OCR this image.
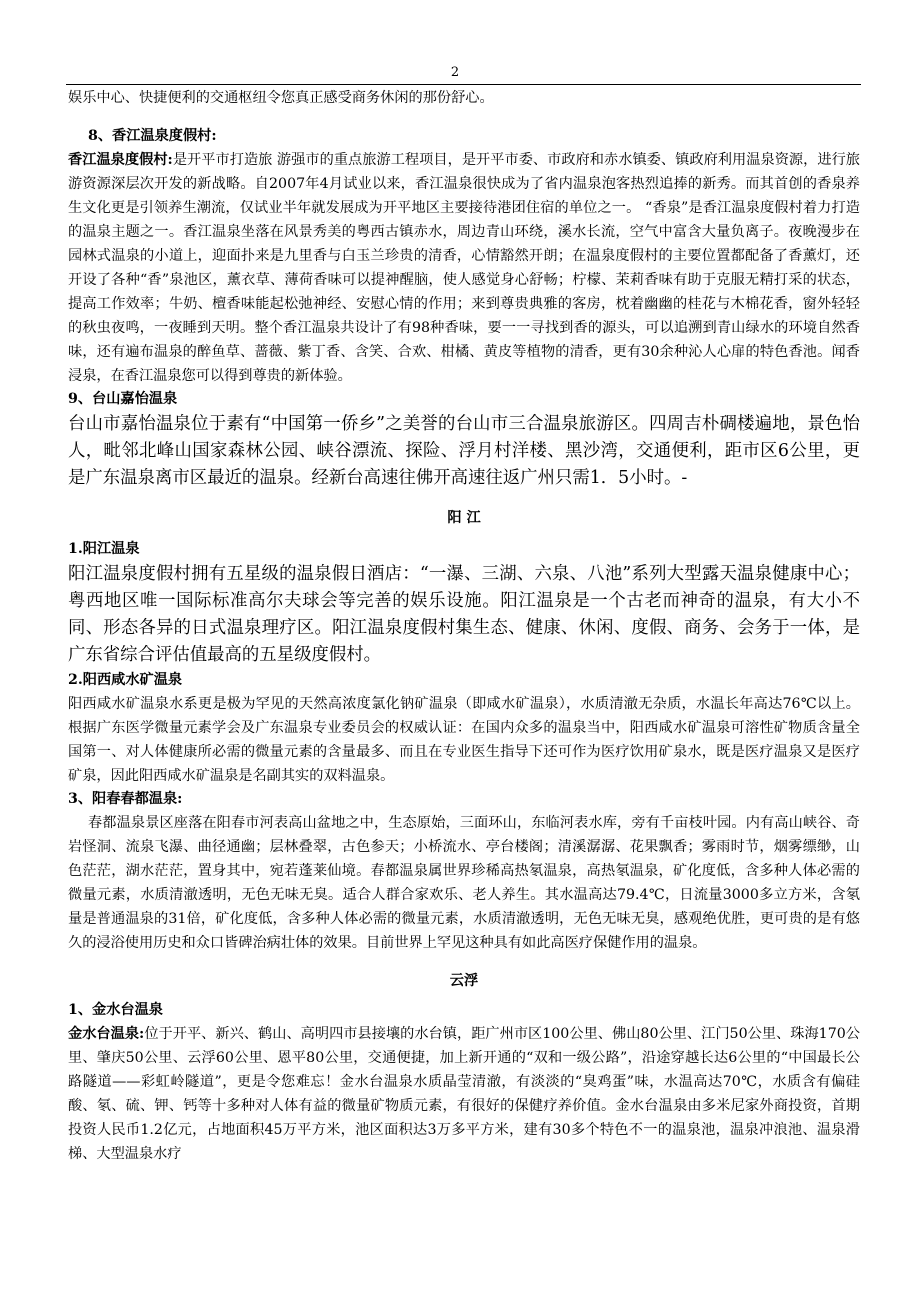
2

娱乐中心、快捷便利的交通枢纽令您真正感受商务休闲的那份舒心。

8、香江温泉度假村:

香江温泉度假村:是开平市打造旅 游强市的重点旅游工程项目，是开平市委、市政府和赤水镇委、镇政府利用温泉资源，进行旅游资源深层次开发的新战略。自2007年4月试业以来，香江温泉很快成为了省内温泉泡客热烈追捧的新秀。而其首创的香泉养生文化更是引领养生潮流，仅试业半年就发展成为开平地区主要接待港团住宿的单位之一。 “香泉”是香江温泉度假村着力打造的温泉主题之一。香江温泉坐落在风景秀美的粤西古镇赤水，周边青山环绕，溪水长流，空气中富含大量负离子。夜晚漫步在园林式温泉的小道上，迎面扑来是九里香与白玉兰珍贵的清香，心情豁然开朗；在温泉度假村的主要位置都配备了香薰灯，还开设了各种“香”泉池区，薰衣草、薄荷香味可以提神醒脑，使人感觉身心舒畅；柠檬、茉莉香味有助于克服无精打采的状态，提高工作效率；牛奶、檀香味能起松弛神经、安慰心情的作用；来到尊贵典雅的客房，枕着幽幽的桂花与木棉花香，窗外轻轻的秋虫夜鸣，一夜睡到天明。整个香江温泉共设计了有98种香味，要一一寻找到香的源头，可以追溯到青山绿水的环境自然香味，还有遍布温泉的醉鱼草、蔷薇、紫丁香、含笑、合欢、柑橘、黄皮等植物的清香，更有30余种沁人心扉的特色香池。闻香浸泉，在香江温泉您可以得到尊贵的新体验。

9、台山嘉怡温泉

台山市嘉怡温泉位于素有“中国第一侨乡”之美誉的台山市三合温泉旅游区。四周吉朴碉楼遍地，景色怡人，毗邻北峰山国家森林公园、峡谷漂流、探险、浮月村洋楼、黑沙湾，交通便利，距市区6公里，更是广东温泉离市区最近的温泉。经新台高速往佛开高速往返广州只需1．5小时。-

阳 江

1.阳江温泉

阳江温泉度假村拥有五星级的温泉假日酒店：“一瀑、三湖、六泉、八池”系列大型露天温泉健康中心；粤西地区唯一国际标准高尔夫球会等完善的娱乐设施。阳江温泉是一个古老而神奇的温泉，有大小不同、形态各异的日式温泉理疗区。阳江温泉度假村集生态、健康、休闲、度假、商务、会务于一体，是广东省综合评估值最高的五星级度假村。

2.阳西咸水矿温泉

阳西咸水矿温泉水系更是极为罕见的天然高浓度氯化钠矿温泉（即咸水矿温泉），水质清澈无杂质，水温长年高达76℃以上。根据广东医学微量元素学会及广东温泉专业委员会的权威认证：在国内众多的温泉当中，阳西咸水矿温泉可溶性矿物质含量全国第一、对人体健康所必需的微量元素的含量最多、而且在专业医生指导下还可作为医疗饮用矿泉水，既是医疗温泉又是医疗矿泉，因此阳西咸水矿温泉是名副其实的双料温泉。

3、阳春春都温泉:

春都温泉景区座落在阳春市河表高山盆地之中，生态原始，三面环山，东临河表水库，旁有千亩枝叶园。内有高山峡谷、奇岩怪洞、流泉飞瀑、曲径通幽；层林叠翠，古色参天；小桥流水、亭台楼阁；清溪潺潺、花果飘香；雾雨时节，烟雾缥缈，山色茫茫，湖水茫茫，置身其中，宛若蓬莱仙境。春都温泉属世界珍稀高热氡温泉，高热氡温泉，矿化度低，含多种人体必需的微量元素，水质清澈透明，无色无味无臭。适合人群合家欢乐、老人养生。其水温高达79.4℃，日流量3000多立方米，含氡量是普通温泉的31倍，矿化度低，含多种人体必需的微量元素，水质清澈透明，无色无味无臭，感观绝优胜，更可贵的是有悠久的浸浴使用历史和众口皆碑治病壮体的效果。目前世界上罕见这种具有如此高医疗保健作用的温泉。

云浮

1、金水台温泉

金水台温泉:位于开平、新兴、鹤山、高明四市县接壤的水台镇，距广州市区100公里、佛山80公里、江门50公里、珠海170公里、肇庆50公里、云浮60公里、恩平80公里，交通便捷，加上新开通的“双和一级公路”，沿途穿越长达6公里的“中国最长公路隧道——彩虹岭隧道”，更是令您难忘！金水台温泉水质晶莹清澈，有淡淡的“臭鸡蛋”味，水温高达70℃，水质含有偏硅酸、氡、硫、钾、钙等十多种对人体有益的微量矿物质元素，有很好的保健疗养价值。金水台温泉由多米尼家外商投资，首期投资人民币1.2亿元，占地面积45万平方米，池区面积达3万多平方米，建有30多个特色不一的温泉池，温泉冲浪池、温泉滑梯、大型温泉水疗
